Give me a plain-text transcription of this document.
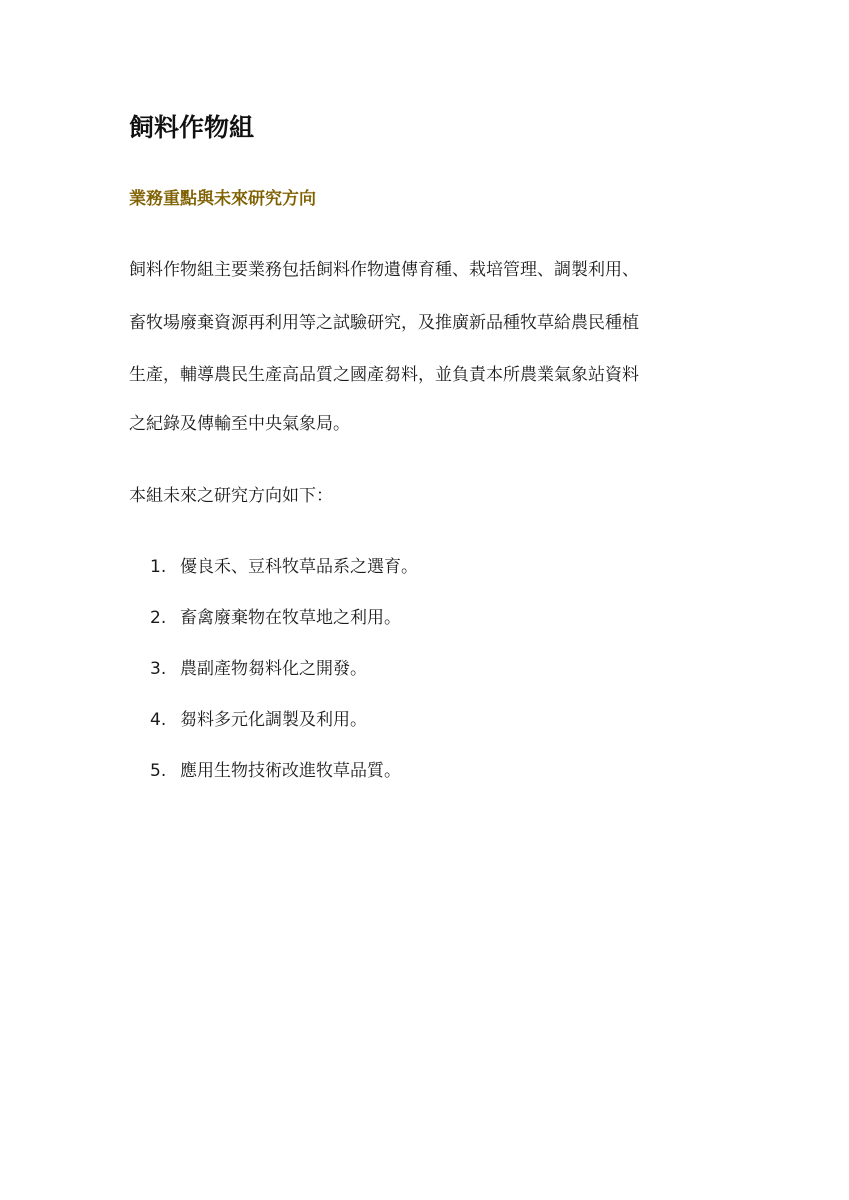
飼料作物組
業務重點與未來研究方向

飼料作物組主要業務包括飼料作物遺傳育種、栽培管理、調製利用、

畜牧場廢棄資源再利用等之試驗研究，及推廣新品種牧草給農民種植

生產，輔導農民生產高品質之國產芻料，並負責本所農業氣象站資料

之紀錄及傳輸至中央氣象局。

本組未來之研究方向如下：

1. 優良禾、豆科牧草品系之選育。
2. 畜禽廢棄物在牧草地之利用。
3. 農副產物芻料化之開發。
4. 芻料多元化調製及利用。
5. 應用生物技術改進牧草品質。
